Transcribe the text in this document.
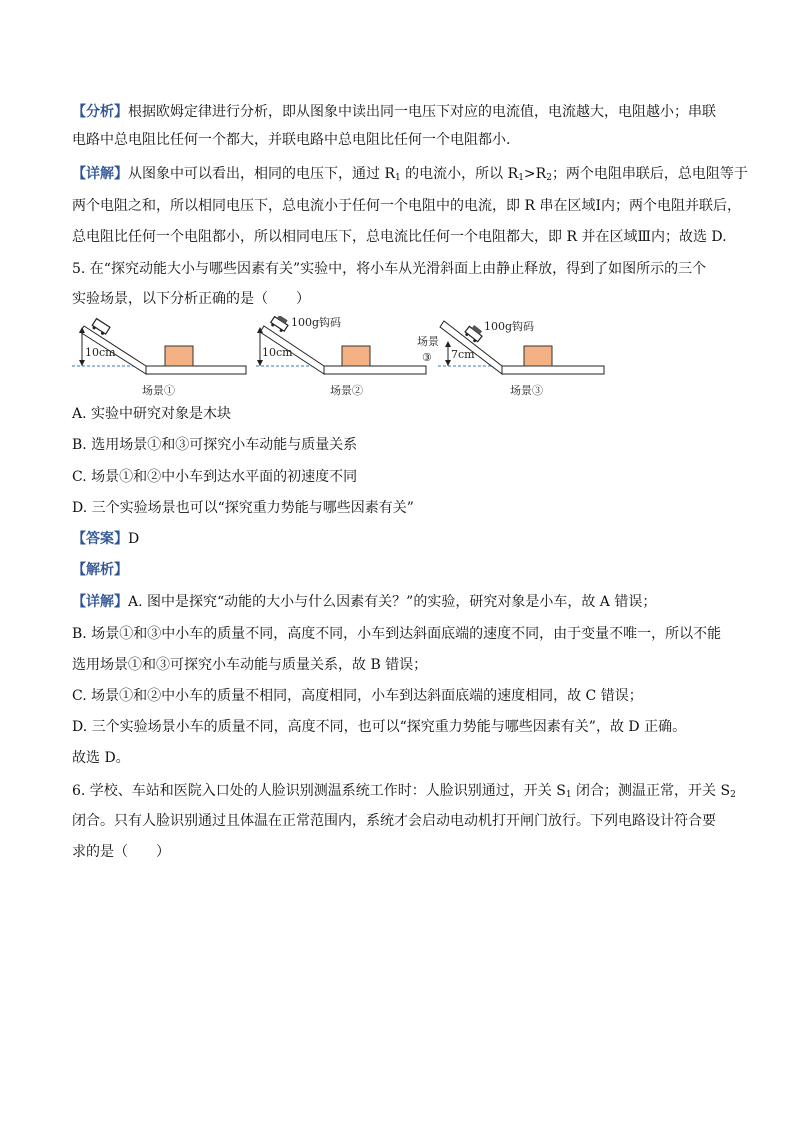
【分析】根据欧姆定律进行分析，即从图象中读出同一电压下对应的电流值，电流越大，电阻越小；串联
电路中总电阻比任何一个都大，并联电路中总电阻比任何一个电阻都小.
【详解】从图象中可以看出，相同的电压下，通过 $R_1$ 的电流小，所以 $R_1>R_2$；两个电阻串联后，总电阻等于
两个电阻之和，所以相同电压下，总电流小于任何一个电阻中的电流，即 R 串在区域Ⅰ内；两个电阻并联后，
总电阻比任何一个电阻都小，所以相同电压下，总电流比任何一个电阻都大，即 R 并在区域Ⅲ内；故选 D.
5. 在“探究动能大小与哪些因素有关”实验中，将小车从光滑斜面上由静止释放，得到了如图所示的三个
实验场景，以下分析正确的是（　　）
10cm
场景①
100g钩码
10cm
场景②
100g钩码
场景
③ 7cm
场景③
A. 实验中研究对象是木块
B. 选用场景①和③可探究小车动能与质量关系
C. 场景①和②中小车到达水平面的初速度不同
D. 三个实验场景也可以“探究重力势能与哪些因素有关”
【答案】D
【解析】
【详解】A. 图中是探究“动能的大小与什么因素有关？”的实验，研究对象是小车，故 A 错误；
B. 场景①和③中小车的质量不同，高度不同，小车到达斜面底端的速度不同，由于变量不唯一，所以不能
选用场景①和③可探究小车动能与质量关系，故 B 错误；
C. 场景①和②中小车的质量不相同，高度相同，小车到达斜面底端的速度相同，故 C 错误；
D. 三个实验场景小车的质量不同，高度不同，也可以“探究重力势能与哪些因素有关”，故 D 正确。
故选 D。
6. 学校、车站和医院入口处的人脸识别测温系统工作时：人脸识别通过，开关 $S_1$ 闭合；测温正常，开关 $S_2$
闭合。只有人脸识别通过且体温在正常范围内，系统才会启动电动机打开闸门放行。下列电路设计符合要
求的是（　　）
